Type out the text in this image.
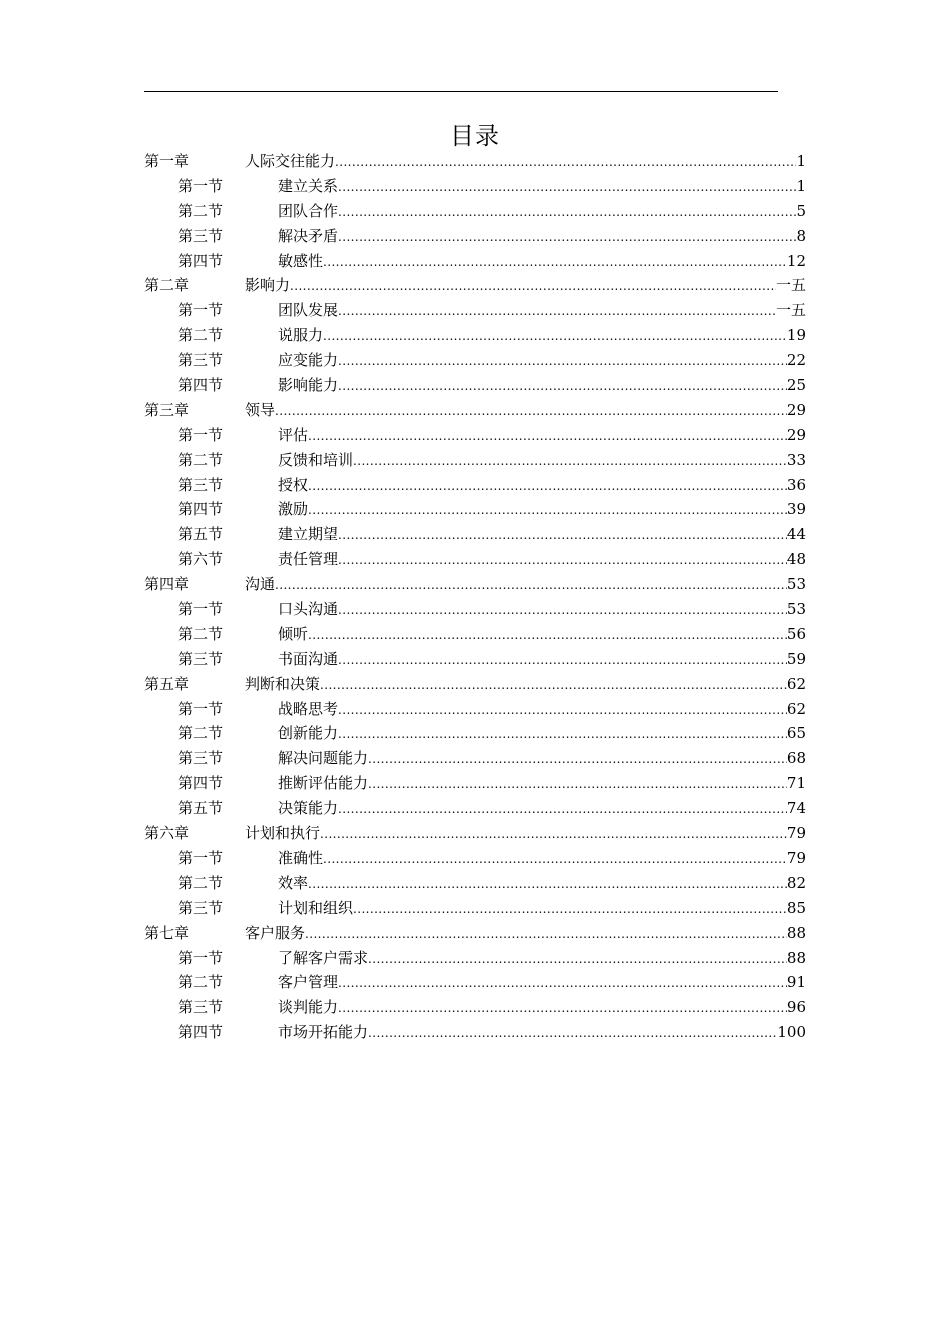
目录
第一章	人际交往能力 .....	1
第一节	建立关系 .....	1
第二节	团队合作 .....	5
第三节	解决矛盾 .....	8
第四节	敏感性 .....	12
第二章	影响力 .....	一五
第一节	团队发展 .....	一五
第二节	说服力 .....	19
第三节	应变能力 .....	22
第四节	影响能力 .....	25
第三章	领导 .....	29
第一节	评估 .....	29
第二节	反馈和培训 .....	33
第三节	授权 .....	36
第四节	激励 .....	39
第五节	建立期望 .....	44
第六节	责任管理 .....	48
第四章	沟通 .....	53
第一节	口头沟通 .....	53
第二节	倾听 .....	56
第三节	书面沟通 .....	59
第五章	判断和决策 .....	62
第一节	战略思考 .....	62
第二节	创新能力 .....	65
第三节	解决问题能力 .....	68
第四节	推断评估能力 .....	71
第五节	决策能力 .....	74
第六章	计划和执行 .....	79
第一节	准确性 .....	79
第二节	效率 .....	82
第三节	计划和组织 .....	85
第七章	客户服务 .....	88
第一节	了解客户需求 .....	88
第二节	客户管理 .....	91
第三节	谈判能力 .....	96
第四节	市场开拓能力 .....	100
